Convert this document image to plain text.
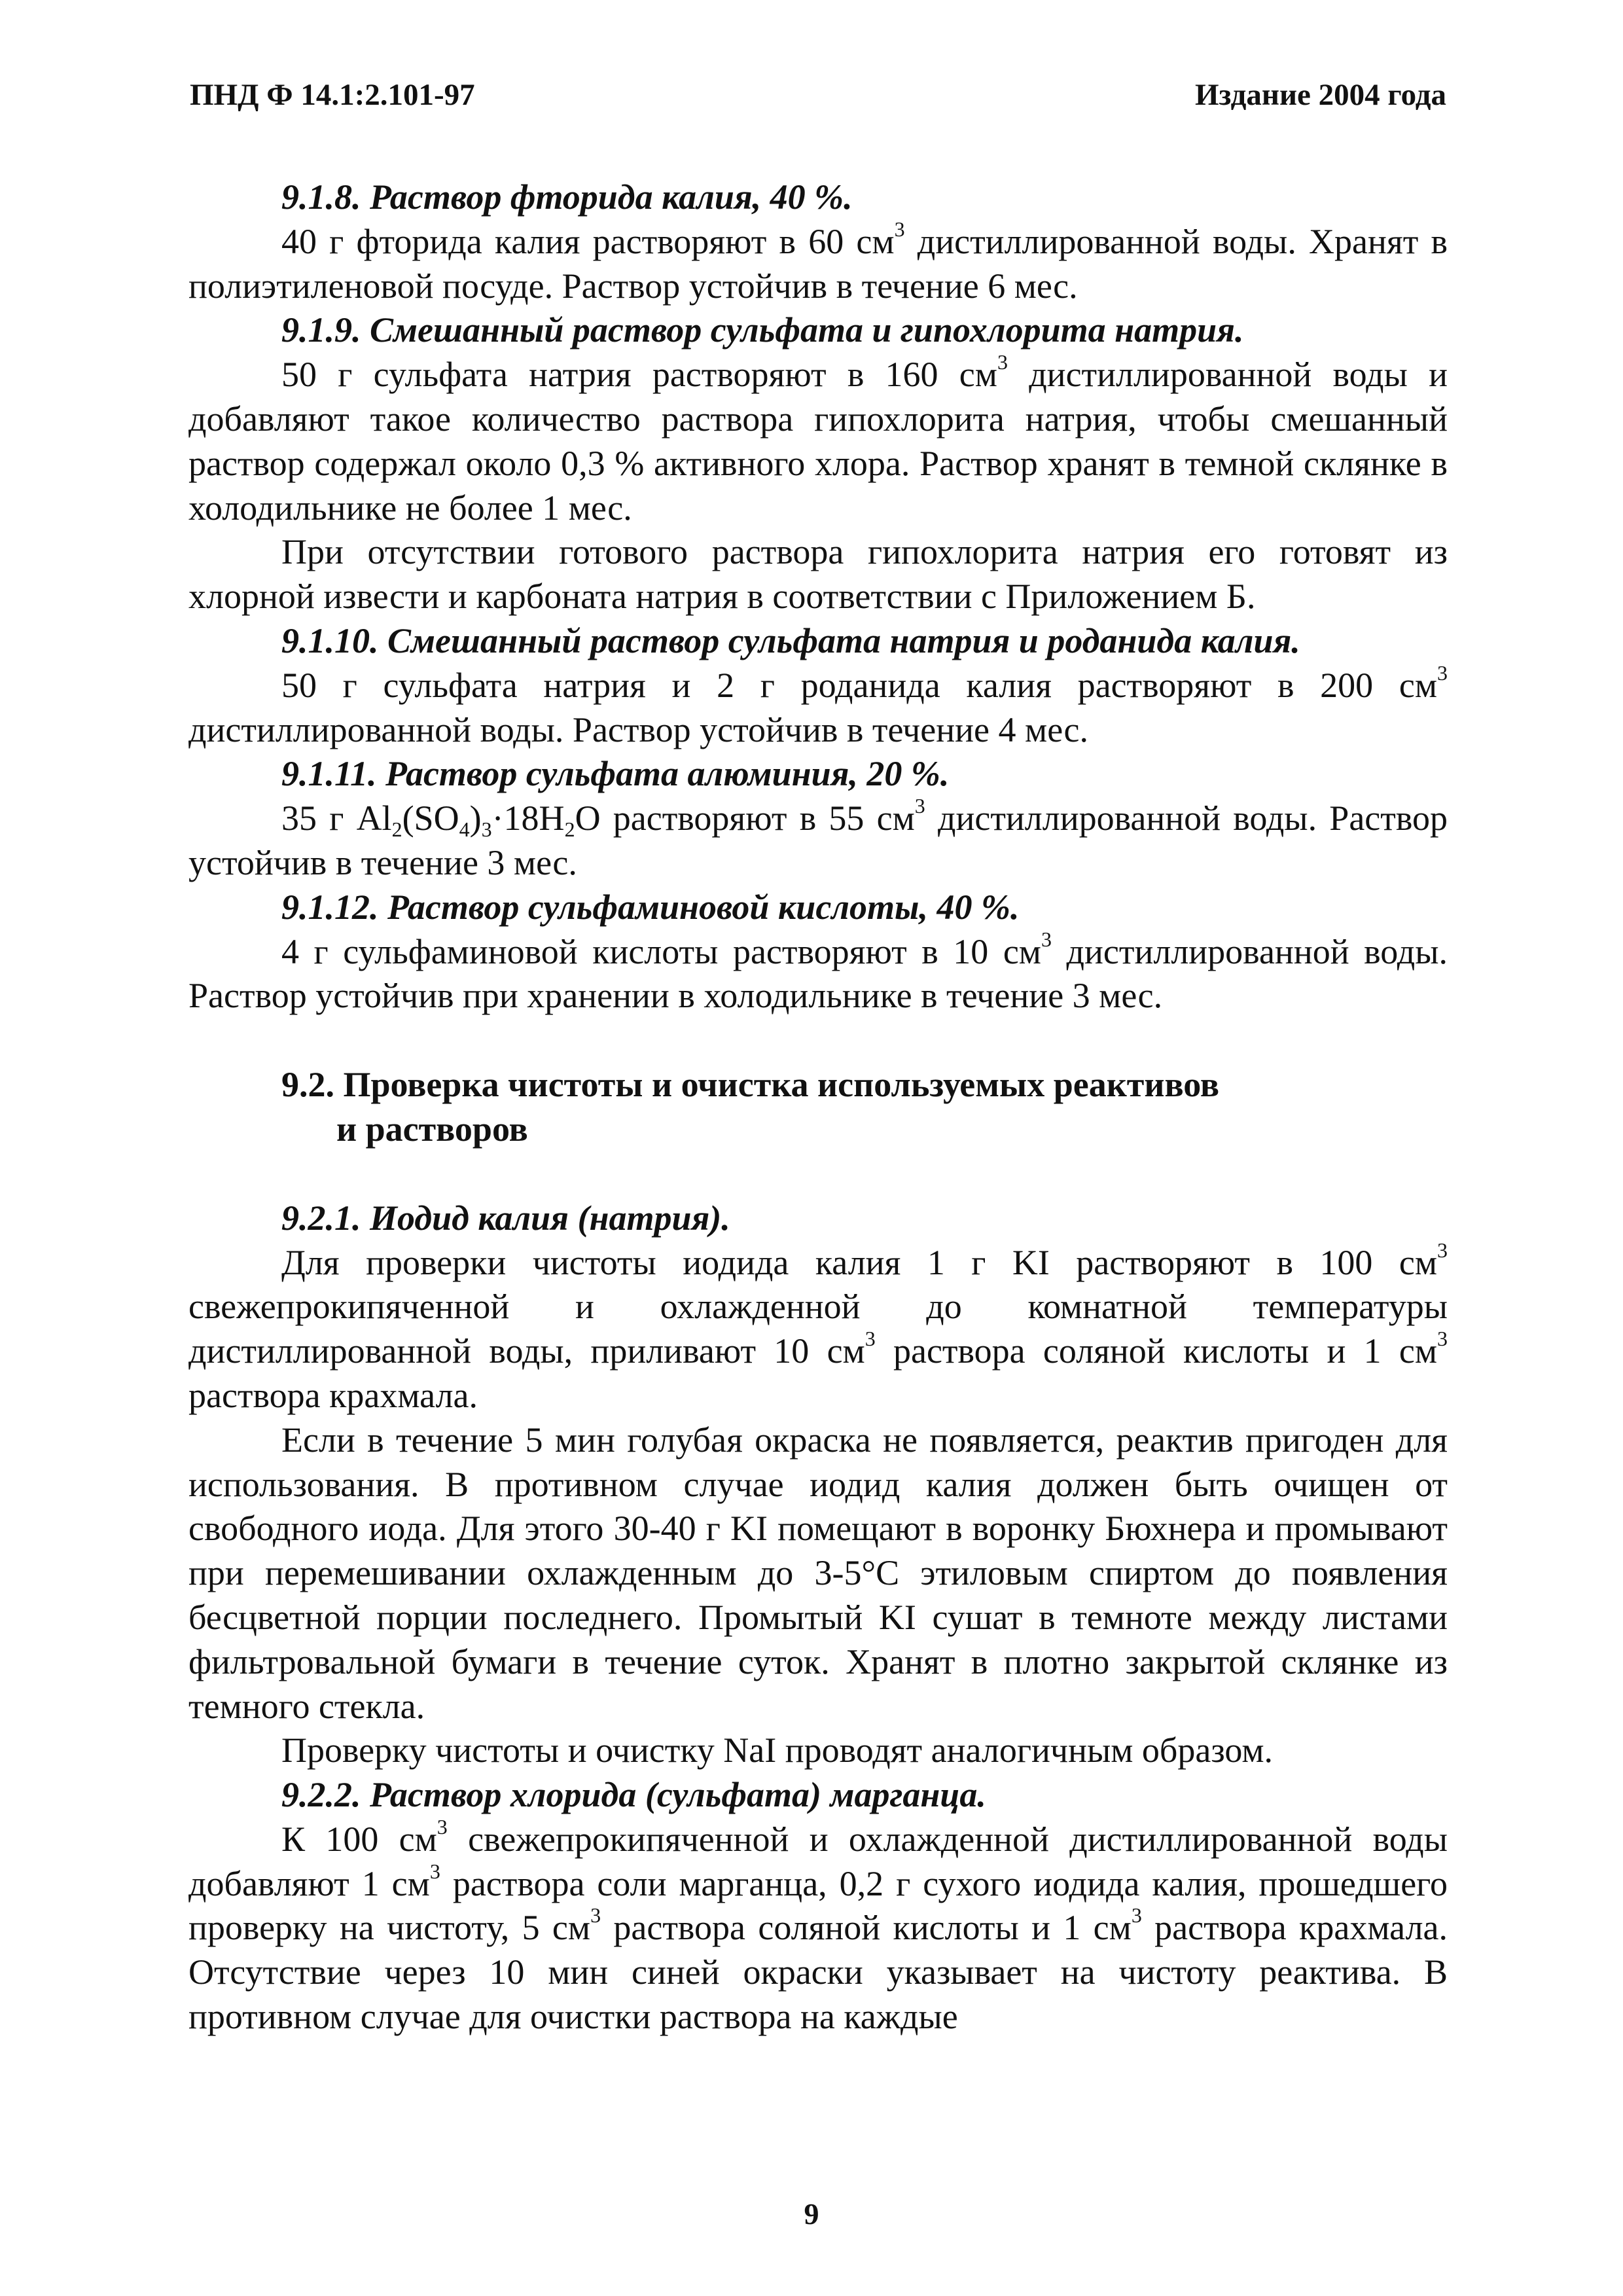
ПНД Ф 14.1:2.101-97	Издание 2004 года
9.1.8. Раствор фторида калия, 40 %.

40 г фторида калия растворяют в 60 $см^3$ дистиллированной воды. Хранят в полиэтиленовой посуде. Раствор устойчив в течение 6 мес.

9.1.9. Смешанный раствор сульфата и гипохлорита натрия.

50 г сульфата натрия растворяют в 160 $см^3$ дистиллированной воды и добавляют такое количество раствора гипохлорита натрия, чтобы смешанный раствор содержал около 0,3 % активного хлора. Раствор хранят в темной склянке в холодильнике не более 1 мес.

При отсутствии готового раствора гипохлорита натрия его готовят из хлорной извести и карбоната натрия в соответствии с Приложением Б.

9.1.10. Смешанный раствор сульфата натрия и роданида калия.

50 г сульфата натрия и 2 г роданида калия растворяют в 200 $см^3$ дистиллированной воды. Раствор устойчив в течение 4 мес.

9.1.11. Раствор сульфата алюминия, 20 %.

35 г $Al_2(SO_4)_3\cdot 18H_2O$ растворяют в 55 $см^3$ дистиллированной воды. Раствор устойчив в течение 3 мес.

9.1.12. Раствор сульфаминовой кислоты, 40 %.

4 г сульфаминовой кислоты растворяют в 10 $см^3$ дистиллированной воды. Раствор устойчив при хранении в холодильнике в течение 3 мес.

9.2. Проверка чистоты и очистка используемых реактивов
и растворов
9.2.1. Иодид калия (натрия).

Для проверки чистоты иодида калия 1 г KI растворяют в 100 $см^3$ свежепрокипяченной и охлажденной до комнатной температуры дистиллированной воды, приливают 10 $см^3$ раствора соляной кислоты и 1 $см^3$ раствора крахмала.

Если в течение 5 мин голубая окраска не появляется, реактив пригоден для использования. В противном случае иодид калия должен быть очищен от свободного иода. Для этого 30-40 г KI помещают в воронку Бюхнера и промывают при перемешивании охлажденным до 3-5°С этиловым спиртом до появления бесцветной порции последнего. Промытый KI сушат в темноте между листами фильтровальной бумаги в течение суток. Хранят в плотно закрытой склянке из темного стекла.

Проверку чистоты и очистку NaI проводят аналогичным образом.

9.2.2. Раствор хлорида (сульфата) марганца.

К 100 $см^3$ свежепрокипяченной и охлажденной дистиллированной воды добавляют 1 $см^3$ раствора соли марганца, 0,2 г сухого иодида калия, прошедшего проверку на чистоту, 5 $см^3$ раствора соляной кислоты и 1 $см^3$ раствора крахмала. Отсутствие через 10 мин синей окраски указывает на чистоту реактива. В противном случае для очистки раствора на каждые

9
